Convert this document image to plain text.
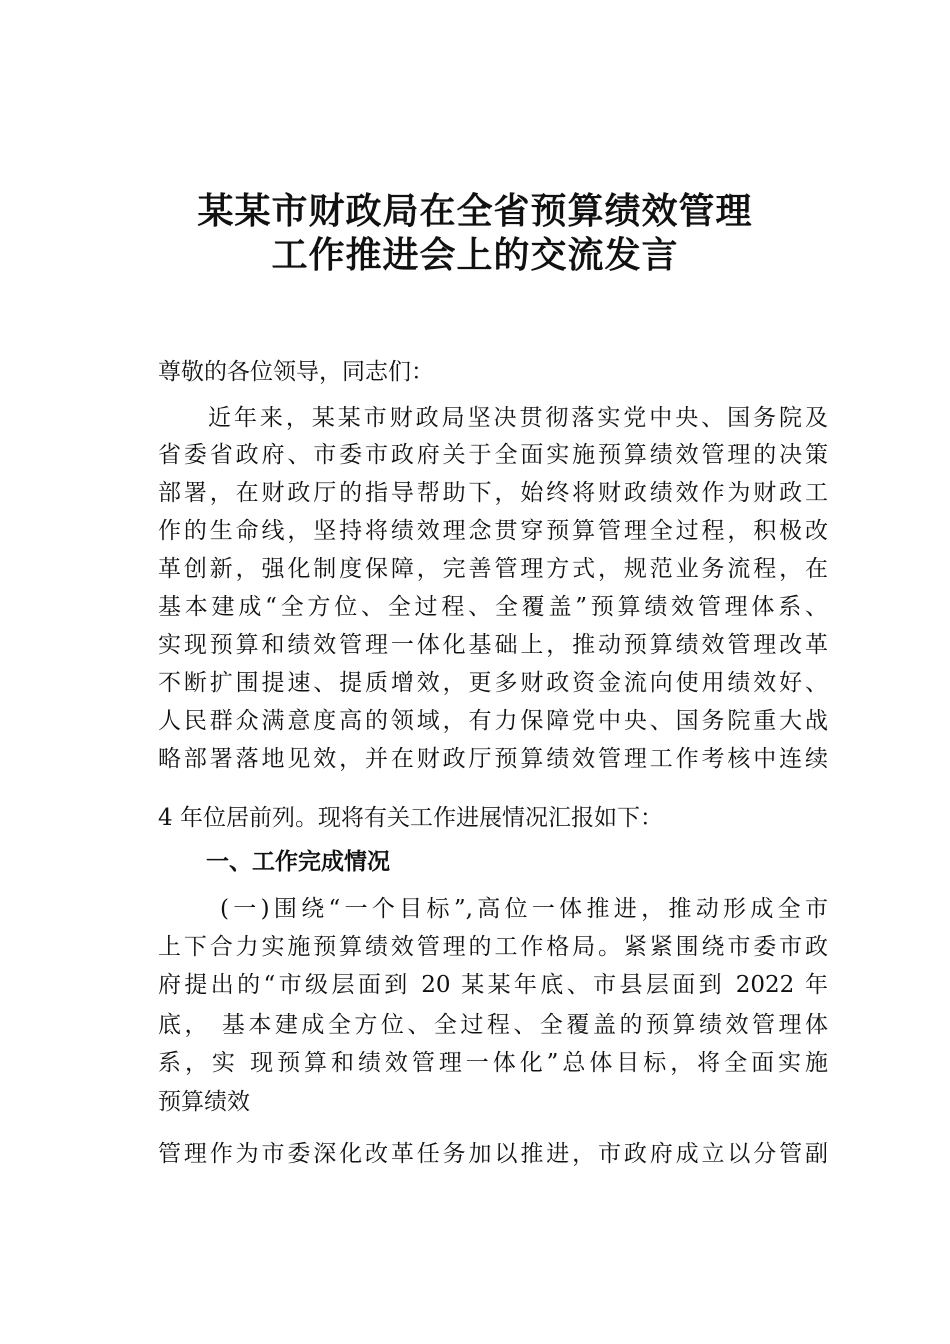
某某市财政局在全省预算绩效管理
工作推进会上的交流发言
尊敬的各位领导，同志们：
近年来，某某市财政局坚决贯彻落实党中央、国务院及
省委省政府、市委市政府关于全面实施预算绩效管理的决策
部署，在财政厅的指导帮助下，始终将财政绩效作为财政工
作的生命线，坚持将绩效理念贯穿预算管理全过程，积极改
革创新，强化制度保障，完善管理方式，规范业务流程，在
基本建成“全方位、全过程、全覆盖”预算绩效管理体系、
实现预算和绩效管理一体化基础上，推动预算绩效管理改革
不断扩围提速、提质增效，更多财政资金流向使用绩效好、
人民群众满意度高的领域，有力保障党中央、国务院重大战
略部署落地见效，并在财政厅预算绩效管理工作考核中连续
4 年位居前列。现将有关工作进展情况汇报如下：
一、工作完成情况
(一)围绕“一个目标”,高位一体推进，推动形成全市
上下合力实施预算绩效管理的工作格局。紧紧围绕市委市政
府提出的“市级层面到 20 某某年底、市县层面到 2022 年
底， 基本建成全方位、全过程、全覆盖的预算绩效管理体
系，实 现预算和绩效管理一体化”总体目标，将全面实施
预算绩效
管理作为市委深化改革任务加以推进，市政府成立以分管副
